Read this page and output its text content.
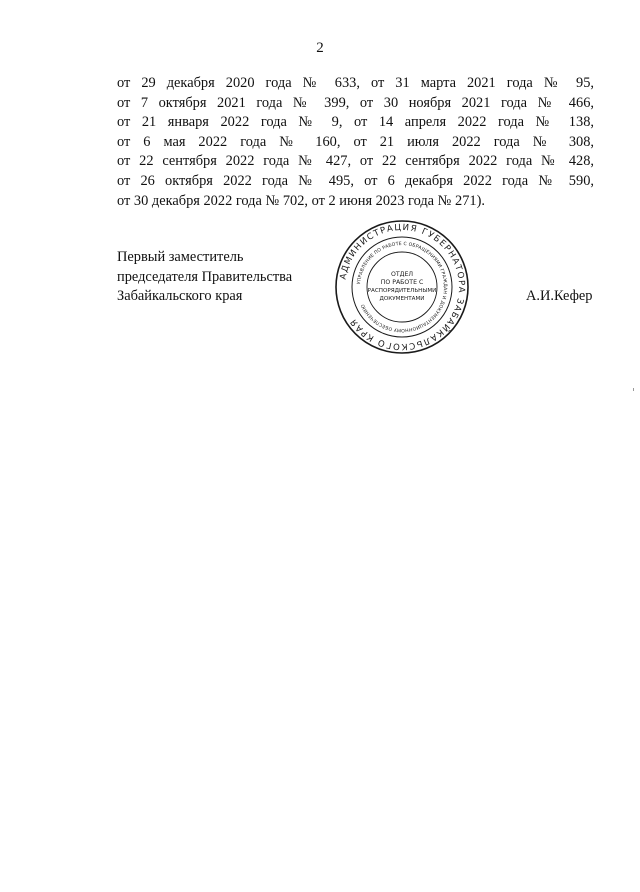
2
от 29 декабря 2020 года № 633, от 31 марта 2021 года № 95,
от 7 октября 2021 года № 399, от 30 ноября 2021 года № 466,
от 21 января 2022 года № 9, от 14 апреля 2022 года № 138,
от 6 мая 2022 года № 160, от 21 июля 2022 года № 308,
от 22 сентября 2022 года № 427, от 22 сентября 2022 года № 428,
от 26 октября 2022 года № 495, от 6 декабря 2022 года № 590,
от 30 декабря 2022 года № 702, от 2 июня 2023 года № 271).
Первый заместитель
председателя Правительства
Забайкальского края
АДМИНИСТРАЦИЯ ГУБЕРНАТОРА ЗАБАЙКАЛЬСКОГО КРАЯ
УПРАВЛЕНИЕ ПО РАБОТЕ С ОБРАЩЕНИЯМИ ГРАЖДАН И ДОКУМЕНТАЦИОННОМУ ОБЕСПЕЧЕНИЮ
ОТДЕЛ
ПО РАБОТЕ С
РАСПОРЯДИТЕЛЬНЫМИ
ДОКУМЕНТАМИ	А.И.Кефер
